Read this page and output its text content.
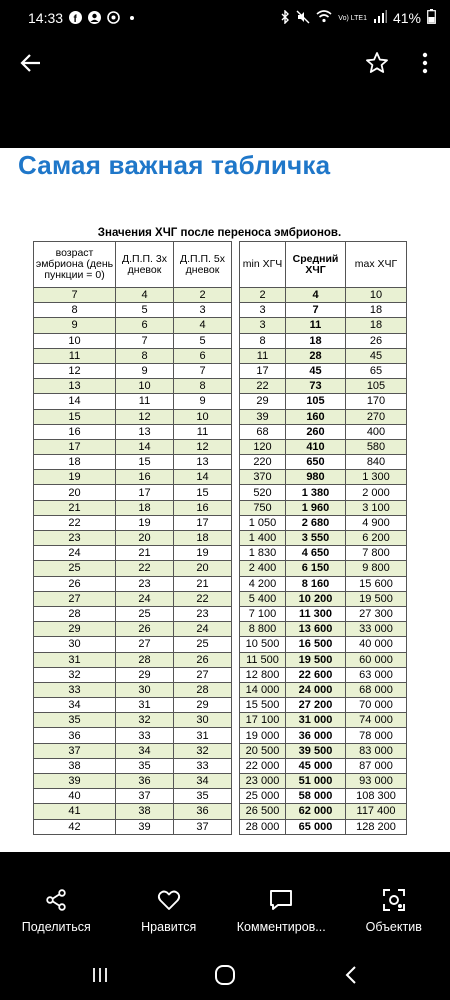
14:33 f	Vo) LTE1 41%
Самая важная табличка
Значения ХЧГ после переноса эмбрионов.
возраст эмбриона (день пункции = 0)	Д.П.П. 3х дневок	Д.П.П. 5х дневок		min ХГЧ	Средний ХЧГ	max ХЧГ
7	4	2		2	4	10
8	5	3		3	7	18
9	6	4		3	11	18
10	7	5		8	18	26
11	8	6		11	28	45
12	9	7		17	45	65
13	10	8		22	73	105
14	11	9		29	105	170
15	12	10		39	160	270
16	13	11		68	260	400
17	14	12		120	410	580
18	15	13		220	650	840
19	16	14		370	980	1 300
20	17	15		520	1 380	2 000
21	18	16		750	1 960	3 100
22	19	17		1 050	2 680	4 900
23	20	18		1 400	3 550	6 200
24	21	19		1 830	4 650	7 800
25	22	20		2 400	6 150	9 800
26	23	21		4 200	8 160	15 600
27	24	22		5 400	10 200	19 500
28	25	23		7 100	11 300	27 300
29	26	24		8 800	13 600	33 000
30	27	25		10 500	16 500	40 000
31	28	26		11 500	19 500	60 000
32	29	27		12 800	22 600	63 000
33	30	28		14 000	24 000	68 000
34	31	29		15 500	27 200	70 000
35	32	30		17 100	31 000	74 000
36	33	31		19 000	36 000	78 000
37	34	32		20 500	39 500	83 000
38	35	33		22 000	45 000	87 000
39	36	34		23 000	51 000	93 000
40	37	35		25 000	58 000	108 300
41	38	36		26 500	62 000	117 400
42	39	37		28 000	65 000	128 200
Поделиться	Нравится	Комментиров...	Объектив
